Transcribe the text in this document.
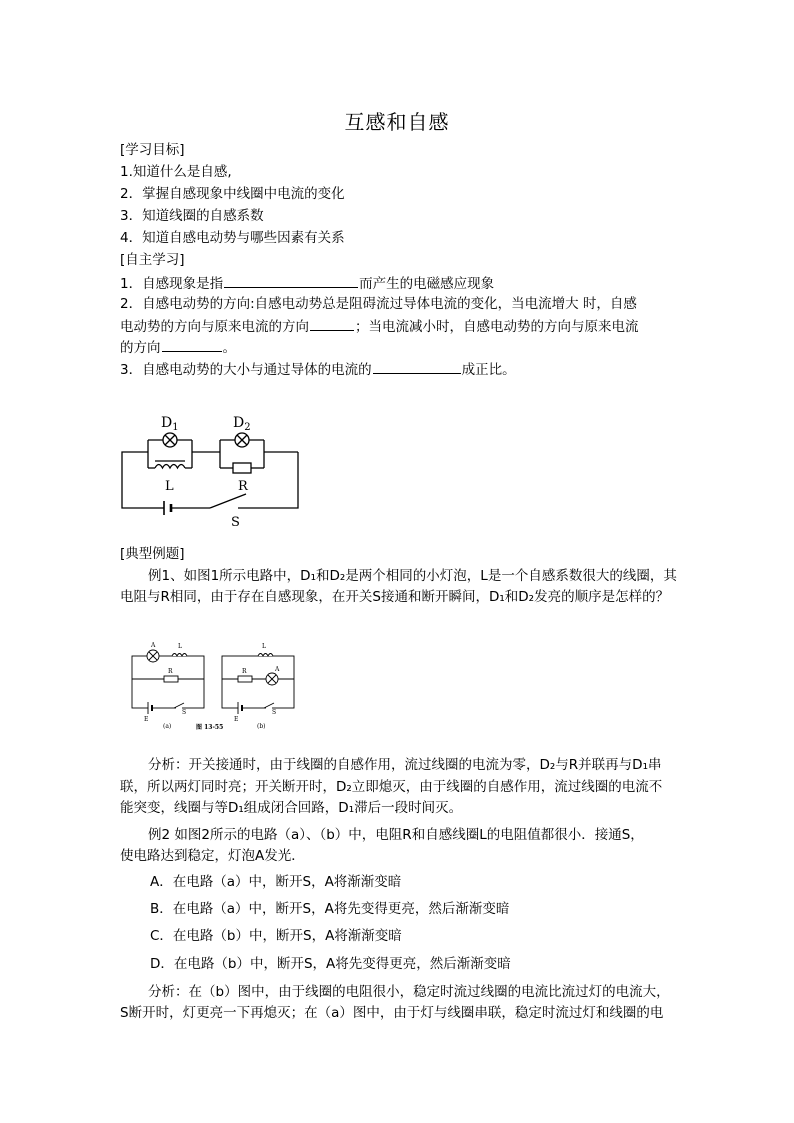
互感和自感
[学习目标]
1.知道什么是自感,
2．掌握自感现象中线圈中电流的变化
3．知道线圈的自感系数
4．知道自感电动势与哪些因素有关系
[自主学习]
1．自感现象是指	而产生的电磁感应现象
2．自感电动势的方向:自感电动势总是阻碍流过导体电流的变化，当电流增大 时，自感
电动势的方向与原来电流的方向	；当电流减小时，自感电动势的方向与原来电流
的方向	。
3．自感电动势的大小与通过导体的电流的	成正比。
$D_1$	$D_2$
L	R
S
[典型例题]
例1、如图1所示电路中，D₁和D₂是两个相同的小灯泡，L是一个自感系数很大的线圈，其
电阻与R相同，由于存在自感现象，在开关S接通和断开瞬间，D₁和D₂发亮的顺序是怎样的？
A	L
R
E
S
(a)
L
A
R
E
S
(b)
图 13-55
分析：开关接通时，由于线圈的自感作用，流过线圈的电流为零，D₂与R并联再与D₁串
联，所以两灯同时亮；开关断开时，D₂立即熄灭，由于线圈的自感作用，流过线圈的电流不
能突变，线圈与等D₁组成闭合回路，D₁滞后一段时间灭。
例2 如图2所示的电路（a）、（b）中，电阻R和自感线圈L的电阻值都很小．接通S，
使电路达到稳定，灯泡A发光．
A．在电路（a）中，断开S，A将渐渐变暗
B．在电路（a）中，断开S，A将先变得更亮，然后渐渐变暗
C．在电路（b）中，断开S，A将渐渐变暗
D．在电路（b）中，断开S，A将先变得更亮，然后渐渐变暗
分析：在（b）图中，由于线圈的电阻很小，稳定时流过线圈的电流比流过灯的电流大，
S断开时，灯更亮一下再熄灭；在（a）图中，由于灯与线圈串联，稳定时流过灯和线圈的电
